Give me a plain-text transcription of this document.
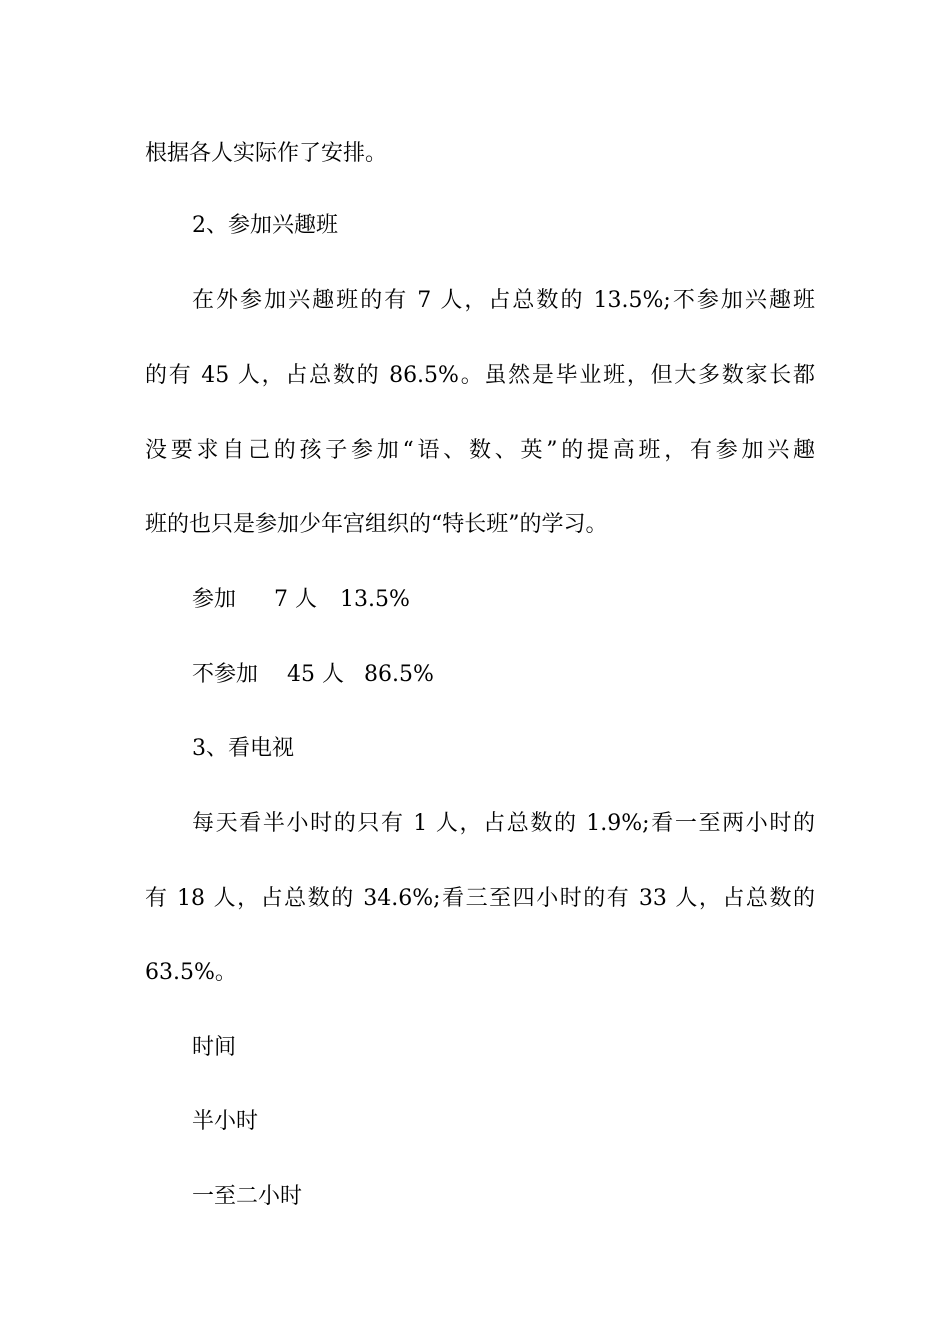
根据各人实际作了安排。
2、参加兴趣班
在外参加兴趣班的有 7 人，占总数的 13.5%;不参加兴趣班
的有 45 人，占总数的 86.5%。虽然是毕业班，但大多数家长都
没要求自己的孩子参加“语、数、英”的提高班，有参加兴趣
班的也只是参加少年宫组织的“特长班”的学习。
参加 7 人 13.5%
不参加 45 人 86.5%
3、看电视
每天看半小时的只有 1 人，占总数的 1.9%;看一至两小时的
有 18 人，占总数的 34.6%;看三至四小时的有 33 人，占总数的
63.5%。
时间
半小时
一至二小时
